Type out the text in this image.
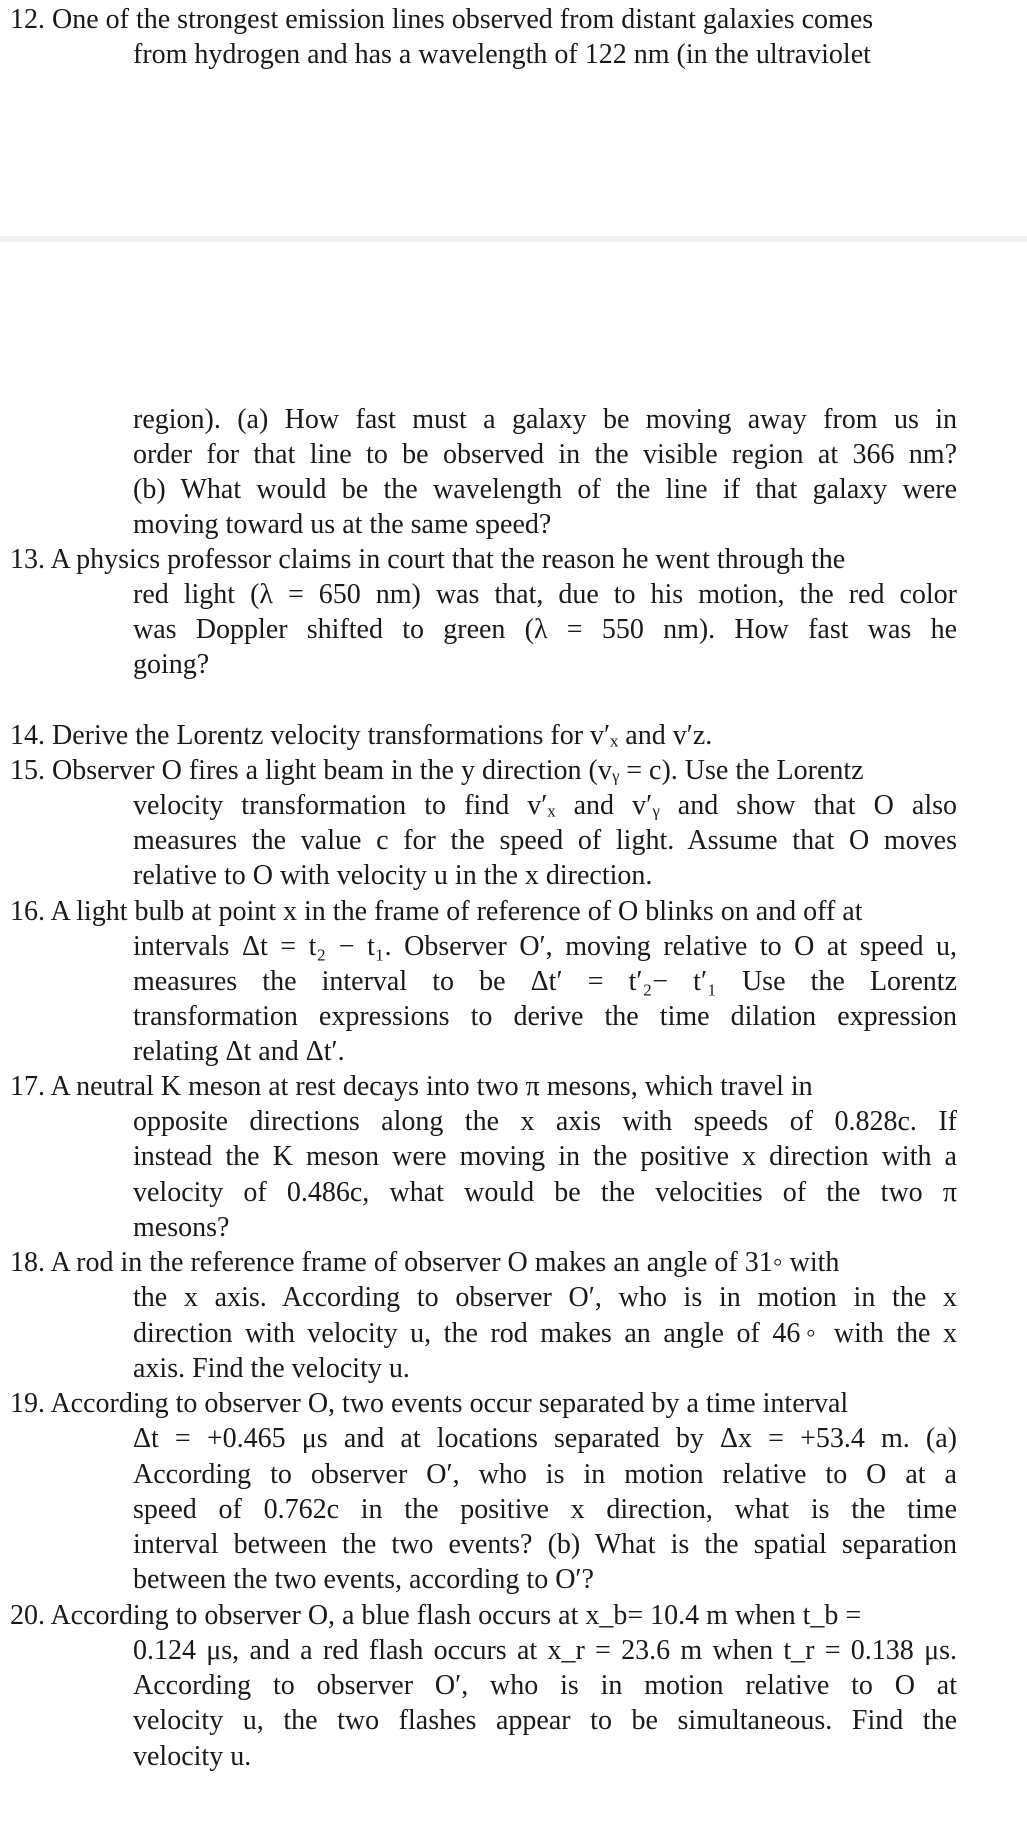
12. One of the strongest emission lines observed from distant galaxies comes
from hydrogen and has a wavelength of 122 nm (in the ultraviolet
region). (a) How fast must a galaxy be moving away from us in
order for that line to be observed in the visible region at 366 nm?
(b) What would be the wavelength of the line if that galaxy were
moving toward us at the same speed?
13. A physics professor claims in court that the reason he went through the
red light (λ = 650 nm) was that, due to his motion, the red color
was Doppler shifted to green (λ = 550 nm). How fast was he
going?
14. Derive the Lorentz velocity transformations for v′ₓ and v′z.
15. Observer O fires a light beam in the y direction (vᵧ = c). Use the Lorentz
velocity transformation to find v′ₓ and v′ᵧ and show that O also
measures the value c for the speed of light. Assume that O moves
relative to O with velocity u in the x direction.
16. A light bulb at point x in the frame of reference of O blinks on and off at
intervals Δt = t₂ − t₁. Observer O′, moving relative to O at speed u,
measures the interval to be Δt′ = t′₂− t′₁ Use the Lorentz
transformation expressions to derive the time dilation expression
relating Δt and Δt′.
17. A neutral K meson at rest decays into two π mesons, which travel in
opposite directions along the x axis with speeds of 0.828c. If
instead the K meson were moving in the positive x direction with a
velocity of 0.486c, what would be the velocities of the two π
mesons?
18. A rod in the reference frame of observer O makes an angle of 31◦ with
the x axis. According to observer O′, who is in motion in the x
direction with velocity u, the rod makes an angle of 46◦ with the x
axis. Find the velocity u.
19. According to observer O, two events occur separated by a time interval
Δt = +0.465 μs and at locations separated by Δx = +53.4 m. (a)
According to observer O′, who is in motion relative to O at a
speed of 0.762c in the positive x direction, what is the time
interval between the two events? (b) What is the spatial separation
between the two events, according to O′?
20. According to observer O, a blue flash occurs at x_b= 10.4 m when t_b =
0.124 μs, and a red flash occurs at x_r = 23.6 m when t_r = 0.138 μs.
According to observer O′, who is in motion relative to O at
velocity u, the two flashes appear to be simultaneous. Find the
velocity u.
